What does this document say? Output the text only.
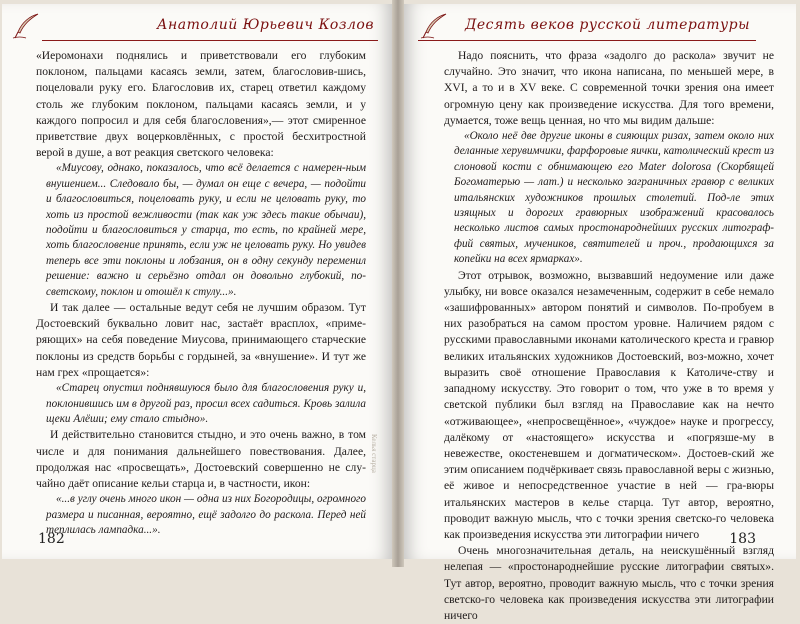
Анатолий Юрьевич Козлов

«Иеромонахи поднялись и приветствовали его глубоким поклоном, пальцами касаясь земли, затем, благословив-шись, поцеловали руку его. Благословив их, старец ответил каждому столь же глубоким поклоном, пальцами касаясь земли, и у каждого попросил и для себя благословения»,— этот смиренное приветствие двух воцерковлённых, с простой бесхитростной верой в душе, а вот реакция светского человека:

«Миусову, однако, показалось, что всё делается с намерен-ным внушением... Следовало бы, — думал он еще с вечера, — подойти и благословиться, поцеловать руку, и если не целовать руку, то хоть из простой вежливости (так как уж здесь такие обычаи), подойти и благословиться у старца, то есть, по крайней мере, хоть благословение принять, если уж не целовать руку. Но увидев теперь все эти поклоны и лобзания, он в одну секунду переменил решение: важно и серьёзно отдал он довольно глубокий, по-светскому, поклон и отошёл к стулу...».

И так далее — остальные ведут себя не лучшим образом. Тут Достоевский буквально ловит нас, застаёт врасплох, «приме-ряющих» на себя поведение Миусова, принимающего старческие поклоны из средств борьбы с гордыней, за «внушение». И тут же нам грех «прощается»:

«Старец опустил поднявшуюся было для благословения руку и, поклонившись им в другой раз, просил всех садиться. Кровь залила щеки Алёши; ему стало стыдно».

И действительно становится стыдно, и это очень важно, в том числе и для понимания дальнейшего повествования. Далее, продолжая нас «просвещать», Достоевский совершенно не слу-чайно даёт описание кельи старца и, в частности, икон:

«...в углу очень много икон — одна из них Богородицы, огромного размера и писанная, вероятно, ещё задолго до раскола. Перед ней теплилась лампадка...».

Келья старца
182
Десять веков русской литературы

Надо пояснить, что фраза «задолго до раскола» звучит не случайно. Это значит, что икона написана, по меньшей мере, в XVI, а то и в XV веке. С современной точки зрения она имеет огромную цену как произведение искусства. Для того времени, думается, тоже вещь ценная, но что мы видим дальше:

«Около неё две другие иконы в сияющих ризах, затем около них деланные херувимчики, фарфоровые яички, католический крест из слоновой кости с обнимающею его Mater dolorosa (Скорбящей Богоматерью — лат.) и несколько заграничных гравюр с великих итальянских художников прошлых столетий. Под-ле этих изящных и дорогих гравюрных изображений красовалось несколько листов самых простонароднейших русских литограф-фий святых, мучеников, святителей и проч., продающихся за копейки на всех ярмарках».

Этот отрывок, возможно, вызвавший недоумение или даже улыбку, ни вовсе оказался незамеченным, содержит в себе немало «зашифрованных» автором понятий и символов. По-пробуем в них разобраться на самом простом уровне. Наличием рядом с русскими православными иконами католического креста и гравюр великих итальянских художников Достоевский, воз-можно, хочет выразить своё отношение Православия к Католиче-ству и западному искусству. Это говорит о том, что уже в то время у светской публики был взгляд на Православие как на нечто «отживающее», «непросвещённое», «чуждое» науке и прогрессу, далёкому от «настоящего» искусства и «погрязше-му в невежестве, окостеневшем и догматическом». Достоев-ский же этим описанием подчёркивает связь православной веры с жизнью, её живое и непосредственное участие в ней — гра-вюры итальянских мастеров в келье старца. Тут автор, вероятно, проводит важную мысль, что с точки зрения светско-го человека как произведения искусства эти литографии ничего

Очень многозначительная деталь, на неискушённый взгляд нелепая — «простонароднейшие русские литографии святых». Тут автор, вероятно, проводит важную мысль, что с точки зрения светско-го человека как произведения искусства эти литографии ничего

183
